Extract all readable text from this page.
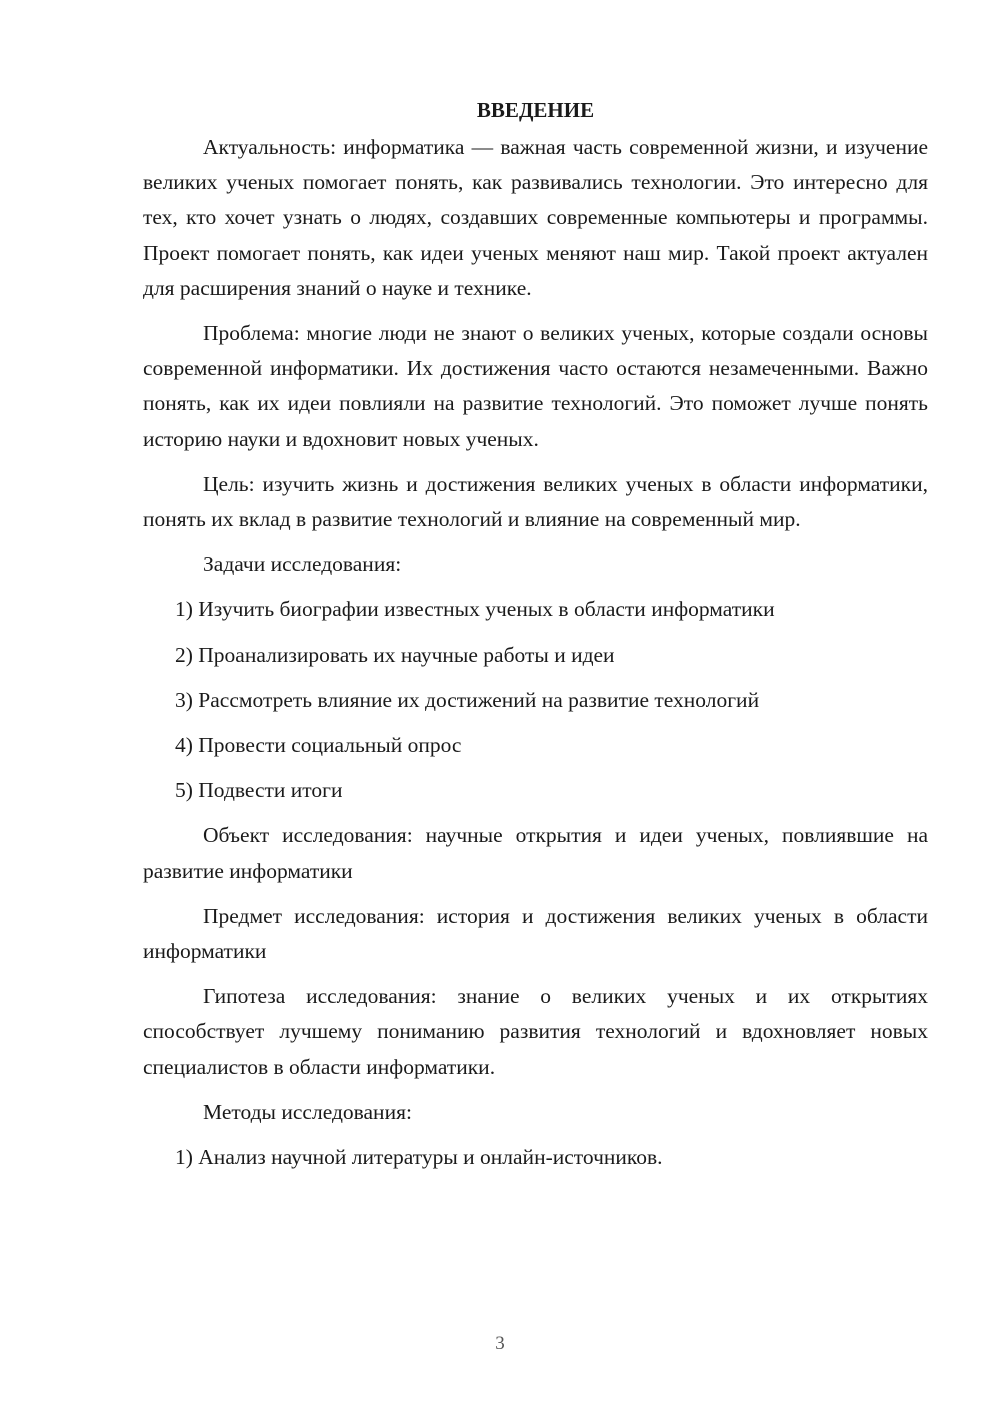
ВВЕДЕНИЕ

Актуальность: информатика — важная часть современной жизни, и изучение великих ученых помогает понять, как развивались технологии. Это интересно для тех, кто хочет узнать о людях, создавших современные компьютеры и программы. Проект помогает понять, как идеи ученых меняют наш мир. Такой проект актуален для расширения знаний о науке и технике.

Проблема: многие люди не знают о великих ученых, которые создали основы современной информатики. Их достижения часто остаются незамеченными. Важно понять, как их идеи повлияли на развитие технологий. Это поможет лучше понять историю науки и вдохновит новых ученых.

Цель: изучить жизнь и достижения великих ученых в области информатики, понять их вклад в развитие технологий и влияние на современный мир.

Задачи исследования:

1) Изучить биографии известных ученых в области информатики
2) Проанализировать их научные работы и идеи
3) Рассмотреть влияние их достижений на развитие технологий
4) Провести социальный опрос
5) Подвести итоги

Объект исследования: научные открытия и идеи ученых, повлиявшие на развитие информатики

Предмет исследования: история и достижения великих ученых в области информатики

Гипотеза исследования: знание о великих ученых и их открытиях способствует лучшему пониманию развития технологий и вдохновляет новых специалистов в области информатики.

Методы исследования:

1) Анализ научной литературы и онлайн-источников.
3
